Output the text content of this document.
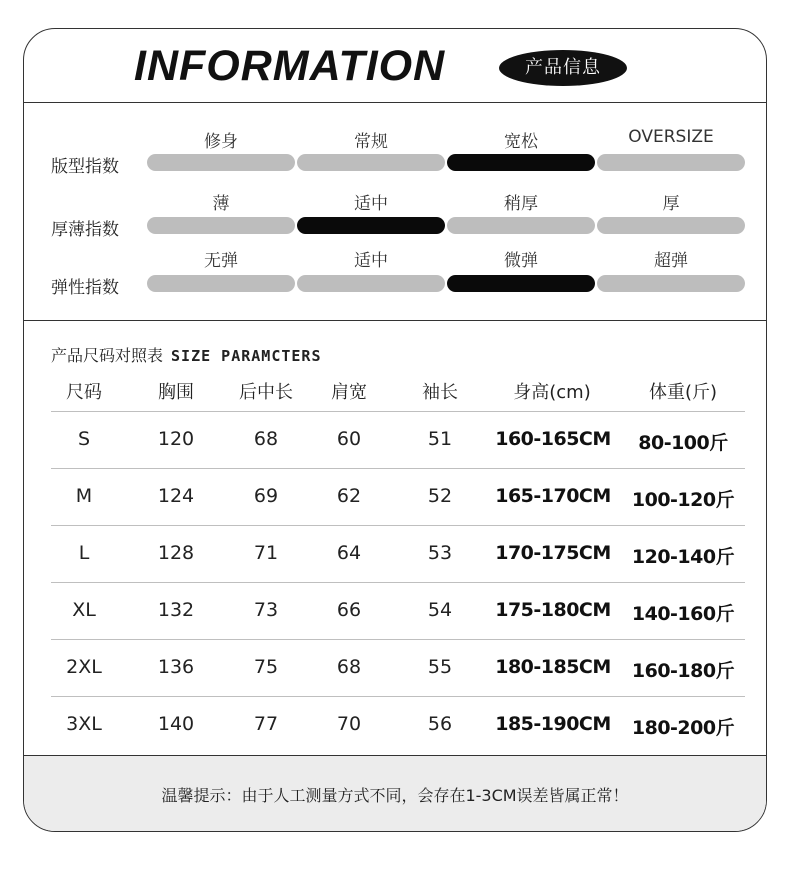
INFORMATION	产品信息
版型指数
修身	常规	宽松	OVERSIZE
厚薄指数
薄	适中	稍厚	厚
弹性指数
无弹	适中	微弹	超弹
产品尺码对照表 SIZE PARAMCTERS
尺码	胸围	后中长	肩宽	袖长	身高(cm)	体重(斤)
S	120	68	60	51	160-165CM	80-100斤
M	124	69	62	52	165-170CM	100-120斤
L	128	71	64	53	170-175CM	120-140斤
XL	132	73	66	54	175-180CM	140-160斤
2XL	136	75	68	55	180-185CM	160-180斤
3XL	140	77	70	56	185-190CM	180-200斤
温馨提示：由于人工测量方式不同，会存在1-3CM误差皆属正常！
